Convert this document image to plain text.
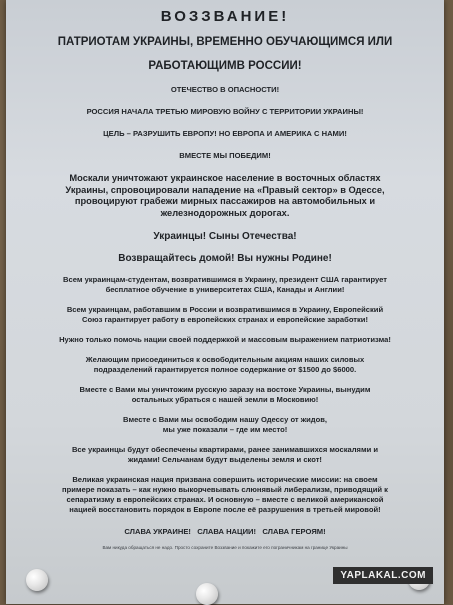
ВОЗЗВАНИЕ!

ПАТРИОТАМ УКРАИНЫ, ВРЕМЕННО ОБУЧАЮЩИМСЯ ИЛИ

РАБОТАЮЩИМВ РОССИИ!

ОТЕЧЕСТВО В ОПАСНОСТИ!

РОССИЯ НАЧАЛА ТРЕТЬЮ МИРОВУЮ ВОЙНУ С ТЕРРИТОРИИ УКРАИНЫ!

ЦЕЛЬ – РАЗРУШИТЬ ЕВРОПУ! НО ЕВРОПА И АМЕРИКА С НАМИ!

ВМЕСТЕ МЫ ПОБЕДИМ!

Москали уничтожают украинское население в восточных областях

Украины, спровоцировали нападение на «Правый сектор» в Одессе,

провоцируют грабежи мирных пассажиров на автомобильных и

железнодорожных дорогах.

Украинцы! Сыны Отечества!

Возвращайтесь домой! Вы нужны Родине!

Всем украинцам-студентам, возвратившимся в Украину, президент США гарантирует

бесплатное обучение в университетах США, Канады и Англии!

Всем украинцам, работавшим в России и возвратившимся в Украину, Европейский

Союз гарантирует работу в европейских странах и европейские заработки!

Нужно только помочь нации своей поддержкой и массовым выражением патриотизма!

Желающим присоединиться к освободительным акциям наших силовых

подразделений гарантируется полное содержание от $1500 до $6000.

Вместе с Вами мы уничтожим русскую заразу на востоке Украины, вынудим

остальных убраться с нашей земли в Московию!

Вместе с Вами мы освободим нашу Одессу от жидов,

мы уже показали – где им место!

Все украинцы будут обеспечены квартирами, ранее занимавшихся москалями и

жидами! Сельчанам будут выделены земля и скот!

Великая украинская нация призвана совершить исторические миссии: на своем

примере показать – как нужно выкорчевывать слюнявый либерализм, приводящий к

сепаратизму в европейских странах. И основную – вместе с великой американской

нацией восстановить порядок в Европе после её разрушения в третьей мировой!

СЛАВА УКРАИНЕ!   СЛАВА НАЦИИ!   СЛАВА ГЕРОЯМ!

Вам никуда обращаться не надо. Просто сохраните Воззвание и покажите его пограничникам на границе Украины

YAPLAKAL.COM
